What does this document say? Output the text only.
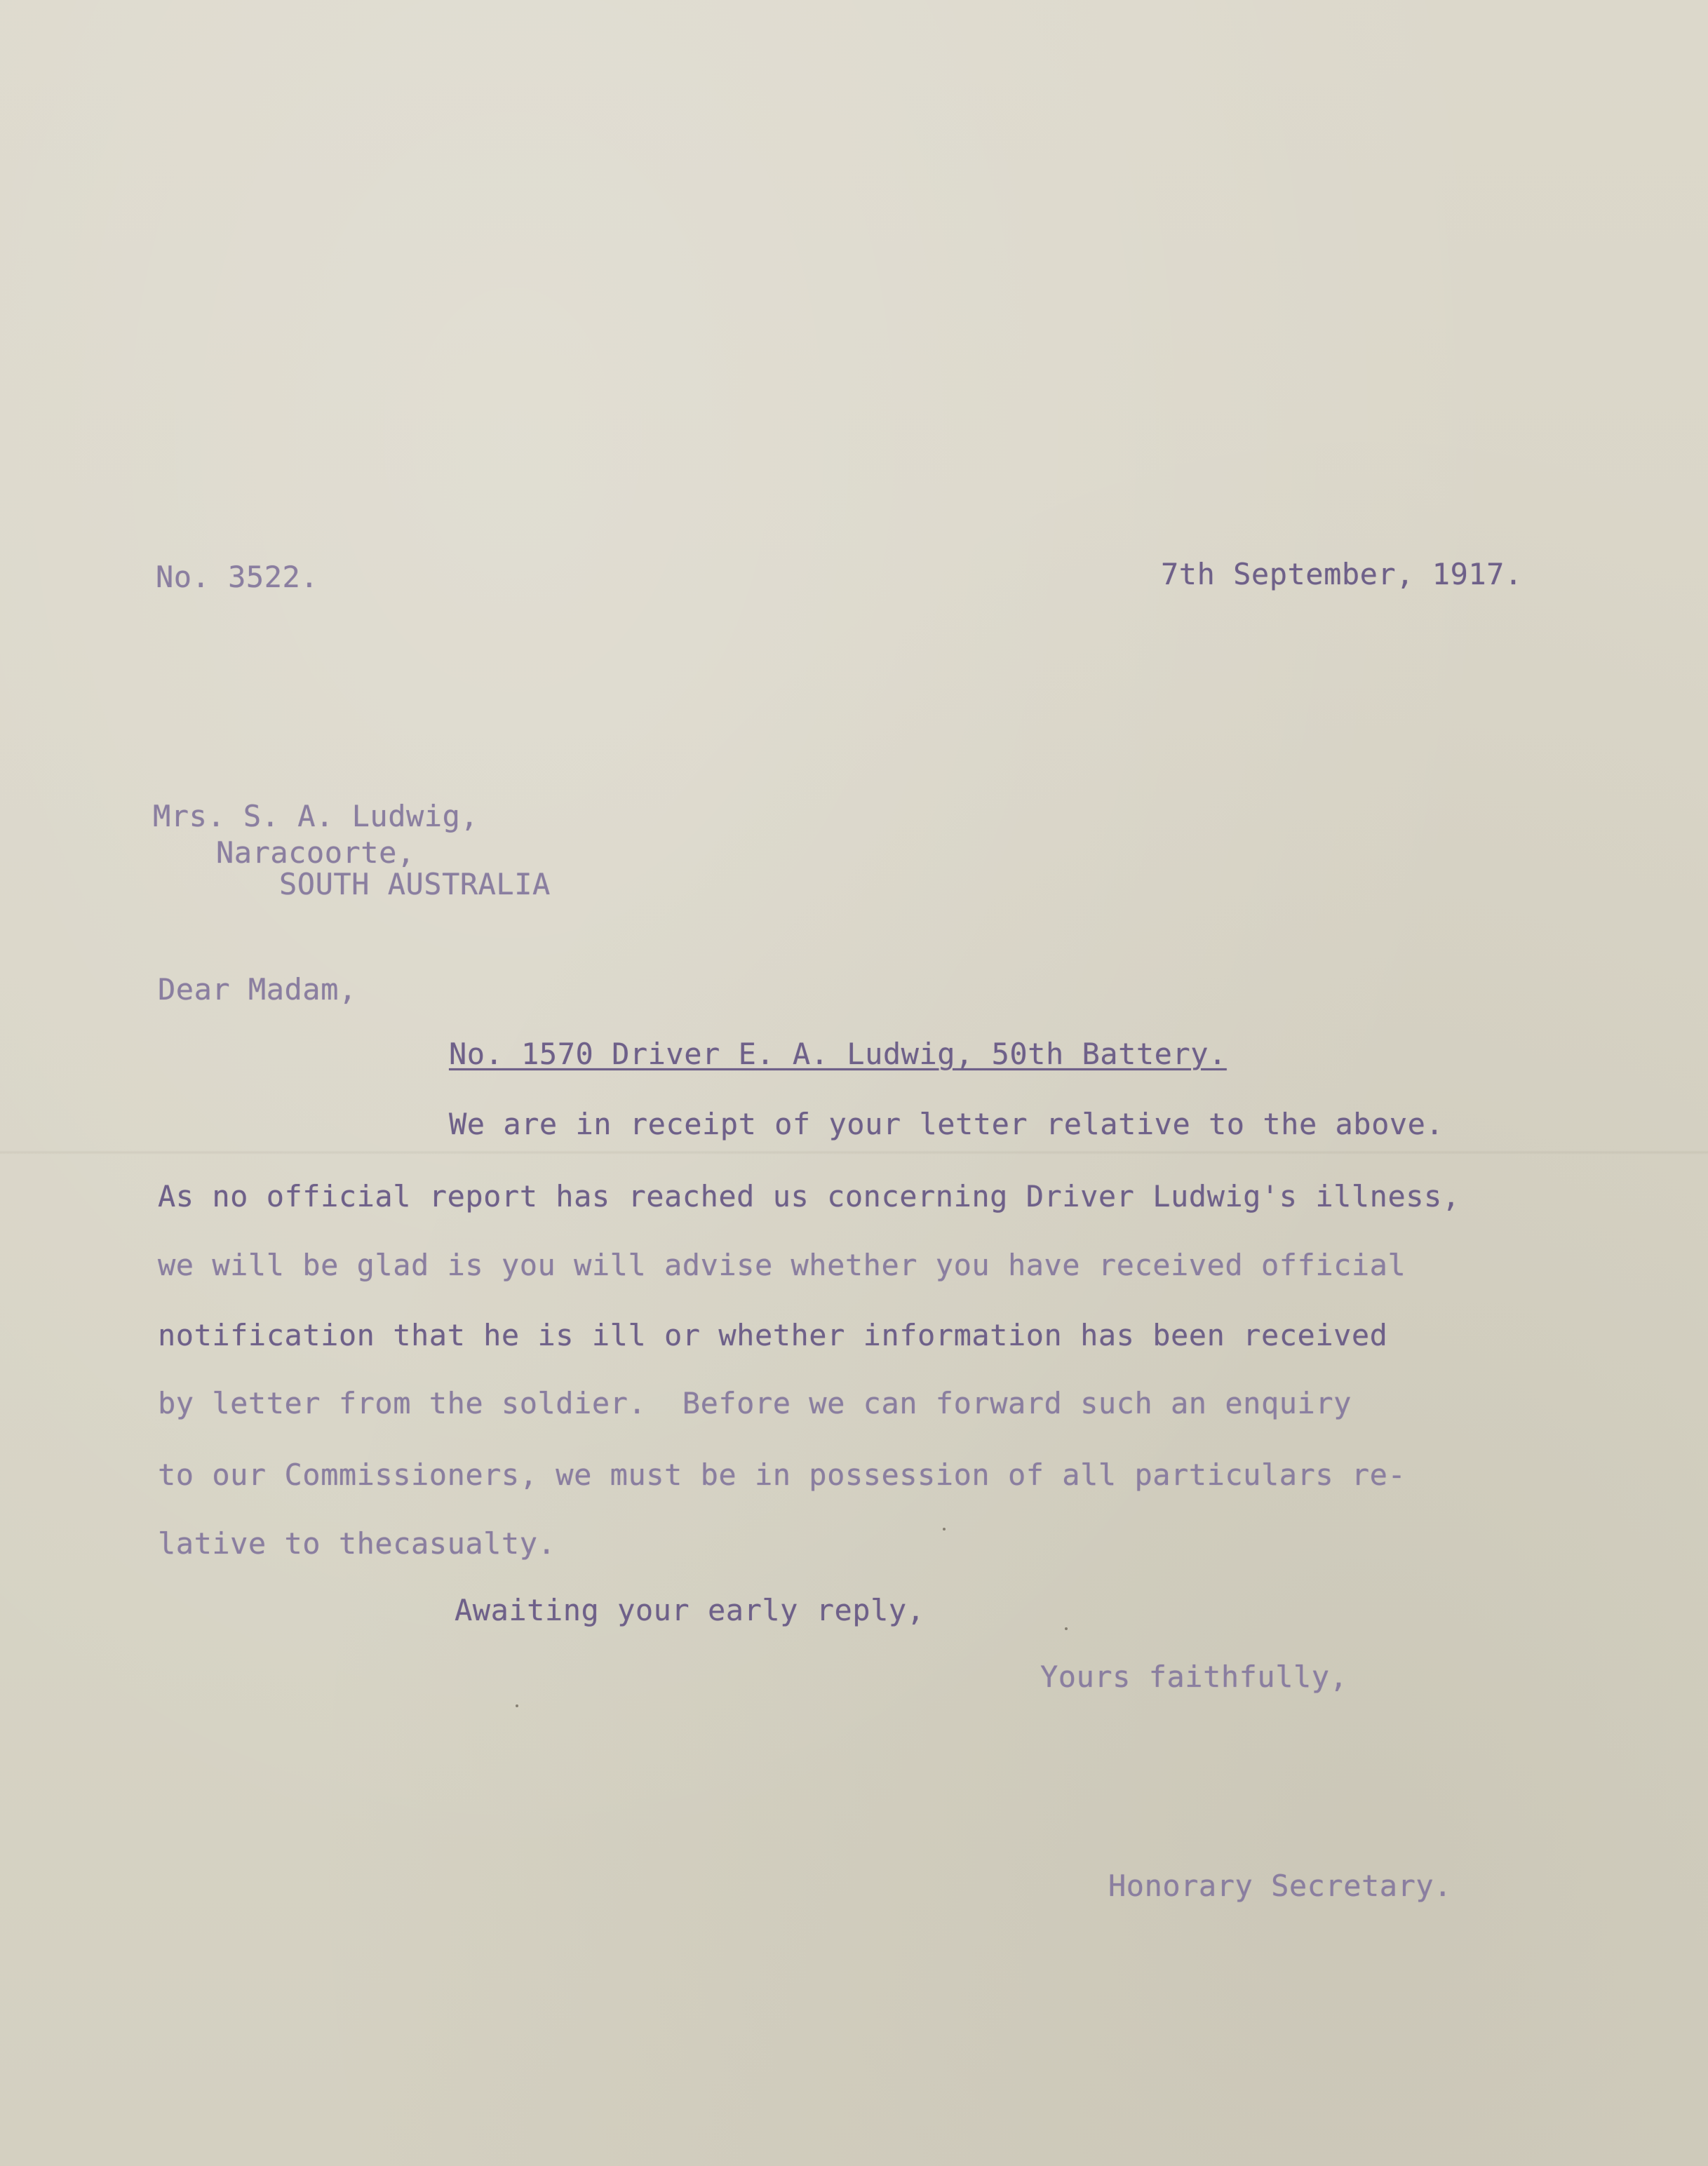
No. 3522.	7th September, 1917.
Mrs. S. A. Ludwig,
Naracoorte,
SOUTH AUSTRALIA
Dear Madam,
No. 1570 Driver E. A. Ludwig, 50th Battery.
We are in receipt of your letter relative to the above.
As no official report has reached us concerning Driver Ludwig's illness,
we will be glad is you will advise whether you have received official
notification that he is ill or whether information has been received
by letter from the soldier.  Before we can forward such an enquiry
to our Commissioners, we must be in possession of all particulars re-
lative to thecasualty.
Awaiting your early reply,
Yours faithfully,
Honorary Secretary.
